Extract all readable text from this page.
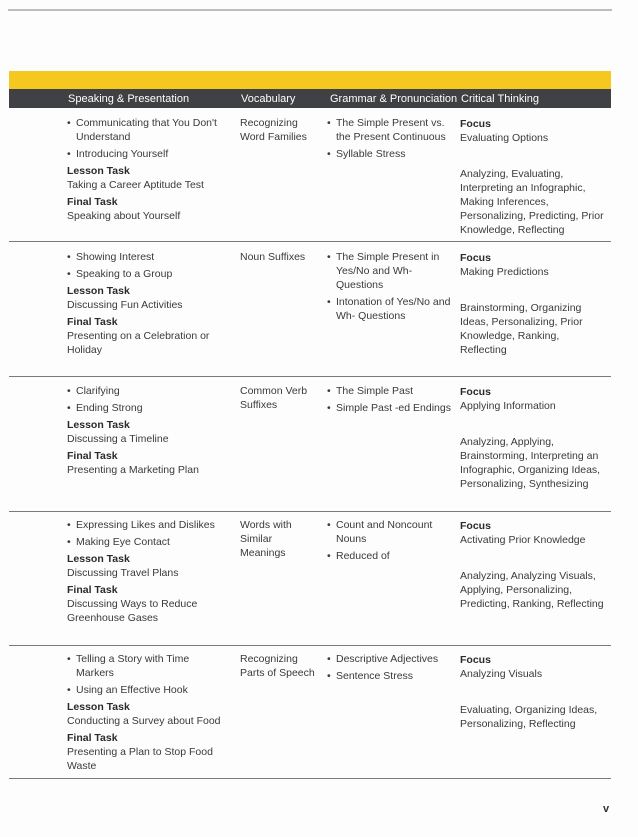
Speaking & Presentation	Vocabulary	Grammar & Pronunciation Critical Thinking
• Communicating that You Don't Understand
• Introducing Yourself
Lesson Task
Taking a Career Aptitude Test
Final Task
Speaking about Yourself
Recognizing Word Families
• The Simple Present vs. the Present Continuous
• Syllable Stress
Focus
Evaluating Options
Analyzing, Evaluating, Interpreting an Infographic, Making Inferences, Personalizing, Predicting, Prior Knowledge, Reflecting
• Showing Interest
• Speaking to a Group
Lesson Task
Discussing Fun Activities
Final Task
Presenting on a Celebration or Holiday
Noun Suffixes
•	The Simple Present in Yes/No and Wh- Questions
• Intonation of Yes/No and Wh- Questions
Focus
Making Predictions
Brainstorming, Organizing Ideas, Personalizing, Prior Knowledge, Ranking, Reflecting
• Clarifying
• Ending Strong
Lesson Task
Discussing a Timeline
Final Task
Presenting a Marketing Plan
Common Verb Suffixes
• The Simple Past
• Simple Past -ed Endings
Focus
Applying Information
Analyzing, Applying, Brainstorming, Interpreting an Infographic, Organizing Ideas, Personalizing, Synthesizing
• Expressing Likes and Dislikes
• Making Eye Contact
Lesson Task
Discussing Travel Plans
Final Task
Discussing Ways to Reduce Greenhouse Gases
Words with Similar Meanings
• Count and Noncount Nouns
• Reduced of
Focus
Activating Prior Knowledge
Analyzing, Analyzing Visuals, Applying, Personalizing, Predicting, Ranking, Reflecting
• Telling a Story with Time Markers
• Using an Effective Hook
Lesson Task
Conducting a Survey about Food
Final Task
Presenting a Plan to Stop Food Waste
Recognizing Parts of Speech
• Descriptive Adjectives
• Sentence Stress
Focus
Analyzing Visuals
Evaluating, Organizing Ideas, Personalizing, Reflecting
v
